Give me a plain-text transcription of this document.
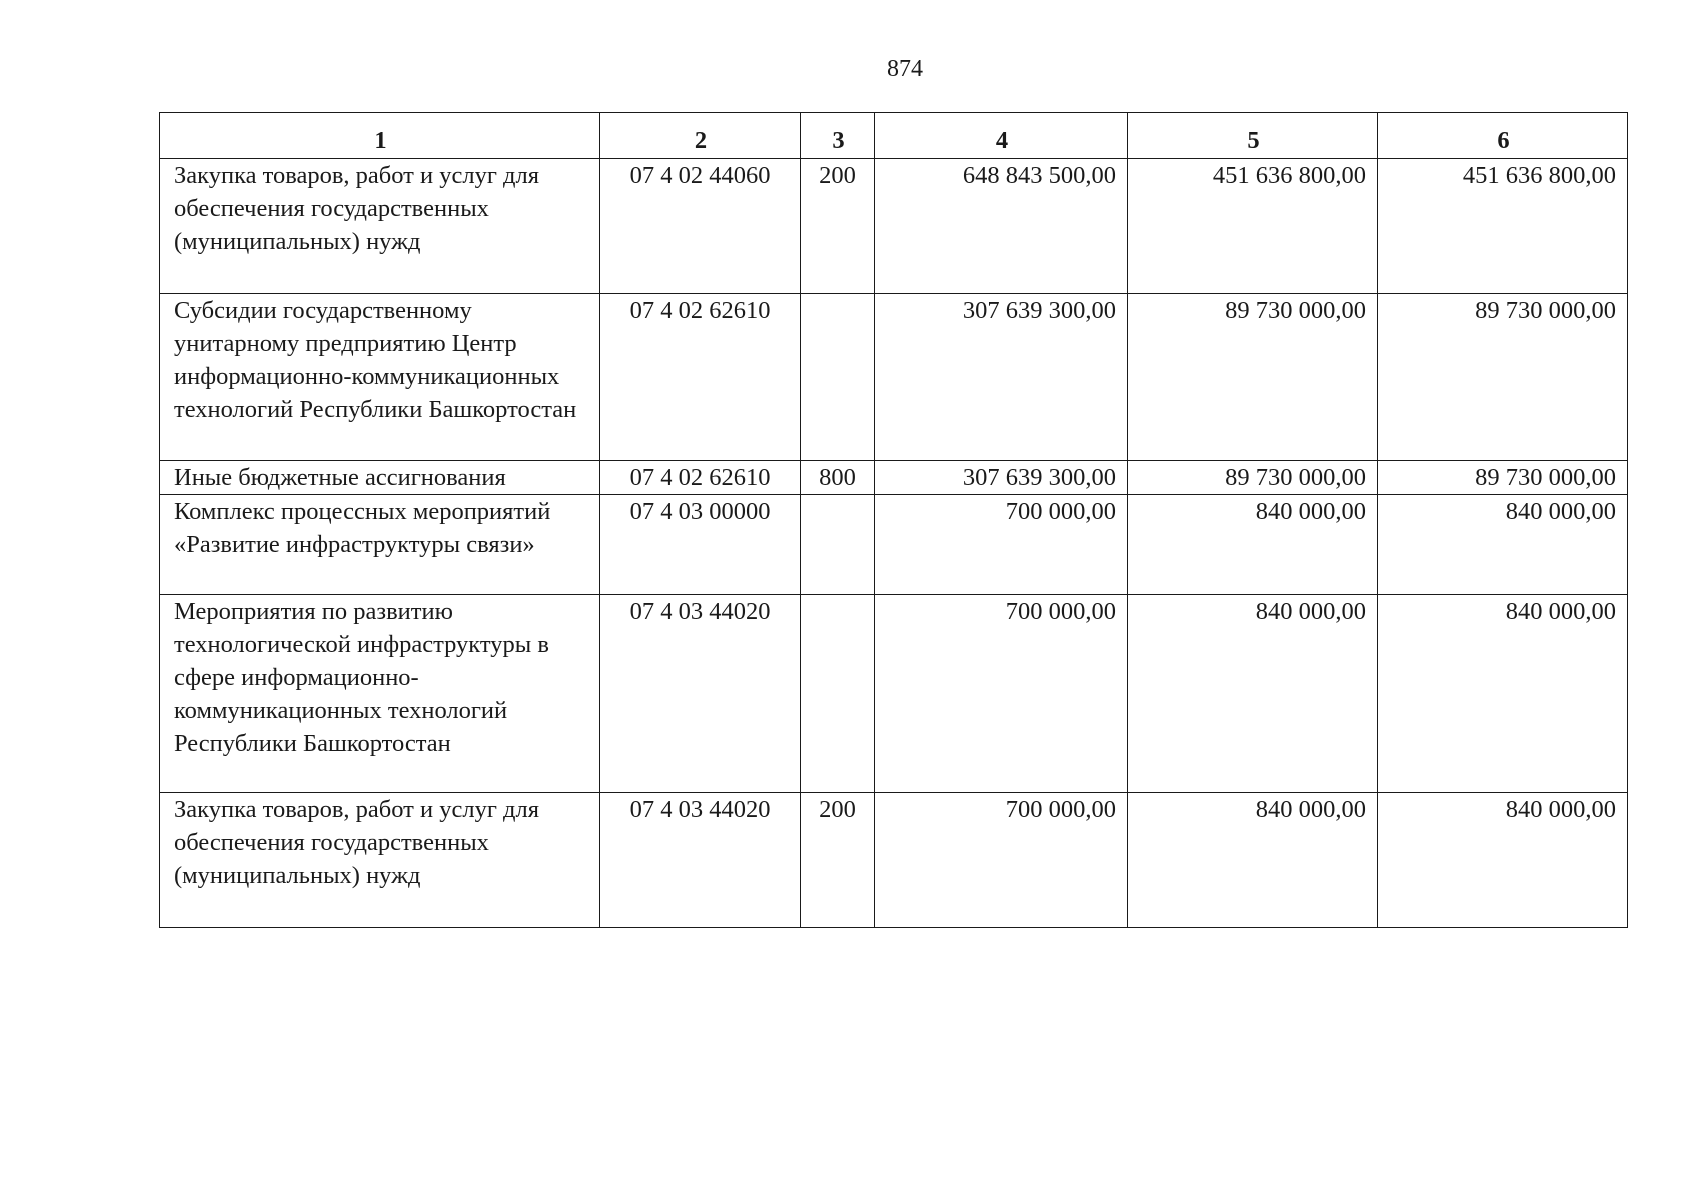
874
1	2	3	4	5	6
Закупка товаров, работ и услуг для обеспечения государственных (муниципальных) нужд	07 4 02 44060	200	648 843 500,00	451 636 800,00	451 636 800,00
Субсидии государственному унитарному предприятию Центр информационно-коммуникационных технологий Республики Башкортостан	07 4 02 62610		307 639 300,00	89 730 000,00	89 730 000,00
Иные бюджетные ассигнования	07 4 02 62610	800	307 639 300,00	89 730 000,00	89 730 000,00
Комплекс процессных мероприятий «Развитие инфраструктуры связи»	07 4 03 00000		700 000,00	840 000,00	840 000,00
Мероприятия по развитию технологической инфраструктуры в сфере информационно-коммуникационных технологий Республики Башкортостан	07 4 03 44020		700 000,00	840 000,00	840 000,00
Закупка товаров, работ и услуг для обеспечения государственных (муниципальных) нужд	07 4 03 44020	200	700 000,00	840 000,00	840 000,00
